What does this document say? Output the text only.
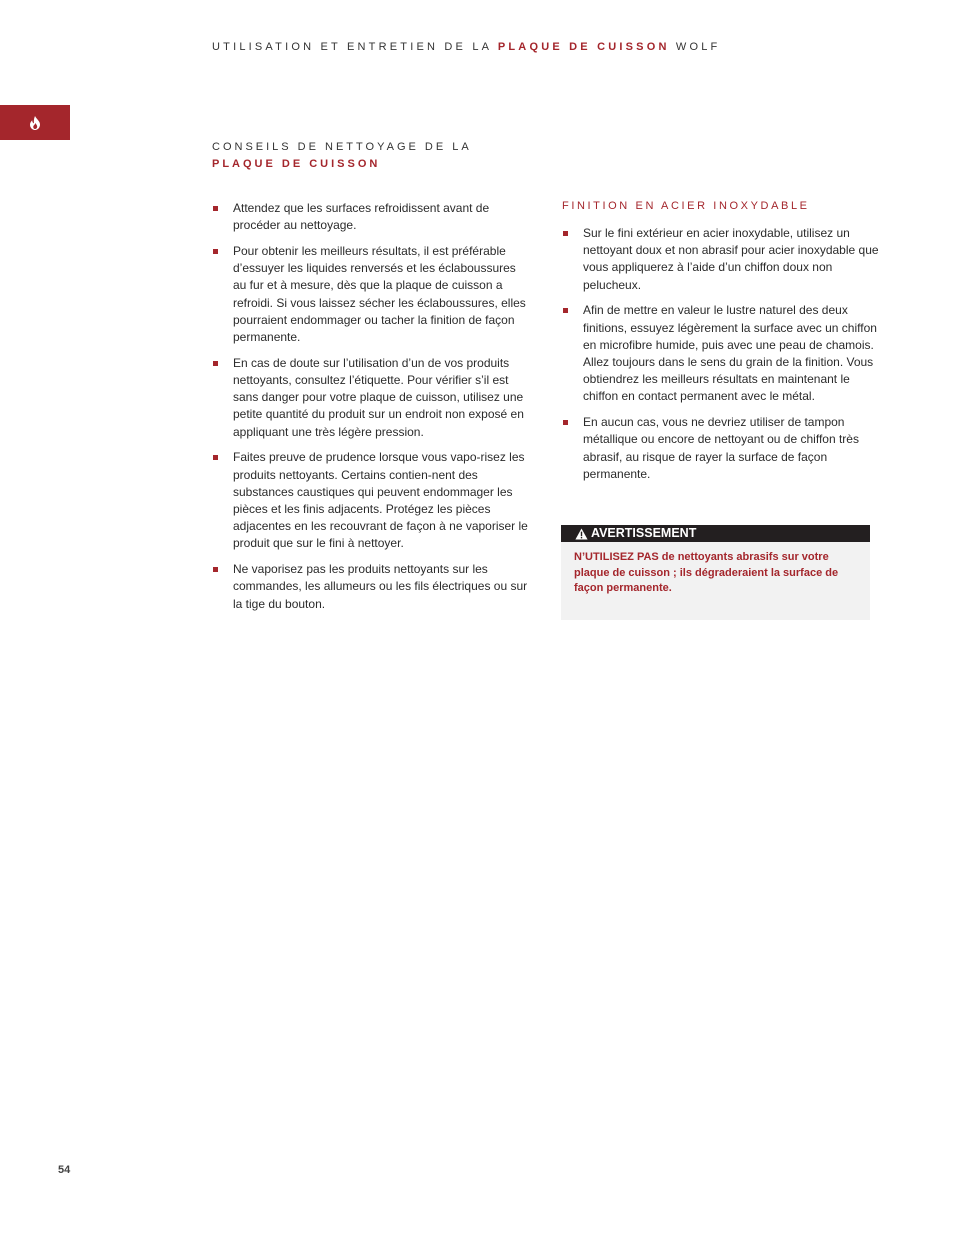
UTILISATION ET ENTRETIEN DE LA PLAQUE DE CUISSON WOLF
CONSEILS DE NETTOYAGE DE LA
PLAQUE DE CUISSON
Attendez que les surfaces refroidissent avant de procéder au nettoyage.
Pour obtenir les meilleurs résultats, il est préférable d’essuyer les liquides renversés et les éclaboussures au fur et à mesure, dès que la plaque de cuisson a refroidi. Si vous laissez sécher les éclaboussures, elles pourraient endommager ou tacher la finition de façon permanente.
En cas de doute sur l’utilisation d’un de vos produits nettoyants, consultez l’étiquette. Pour vérifier s’il est sans danger pour votre plaque de cuisson, utilisez une petite quantité du produit sur un endroit non exposé en appliquant une très légère pression.
Faites preuve de prudence lorsque vous vapo-risez les produits nettoyants. Certains contien-nent des substances caustiques qui peuvent endommager les pièces et les finis adjacents. Protégez les pièces adjacentes en les recouvrant de façon à ne vaporiser le produit que sur le fini à nettoyer.
Ne vaporisez pas les produits nettoyants sur les commandes, les allumeurs ou les fils électriques ou sur la tige du bouton.
FINITION EN ACIER INOXYDABLE
Sur le fini extérieur en acier inoxydable, utilisez un nettoyant doux et non abrasif pour acier inoxydable que vous appliquerez à l’aide d’un chiffon doux non pelucheux.
Afin de mettre en valeur le lustre naturel des deux finitions, essuyez légèrement la surface avec un chiffon en microfibre humide, puis avec une peau de chamois. Allez toujours dans le sens du grain de la finition. Vous obtiendrez les meilleurs résultats en maintenant le chiffon en contact permanent avec le métal.
En aucun cas, vous ne devriez utiliser de tampon métallique ou encore de nettoyant ou de chiffon très abrasif, au risque de rayer la surface de façon permanente.
AVERTISSEMENT
N’UTILISEZ PAS de nettoyants abrasifs sur votre plaque de cuisson ; ils dégraderaient la surface de façon permanente.
54
